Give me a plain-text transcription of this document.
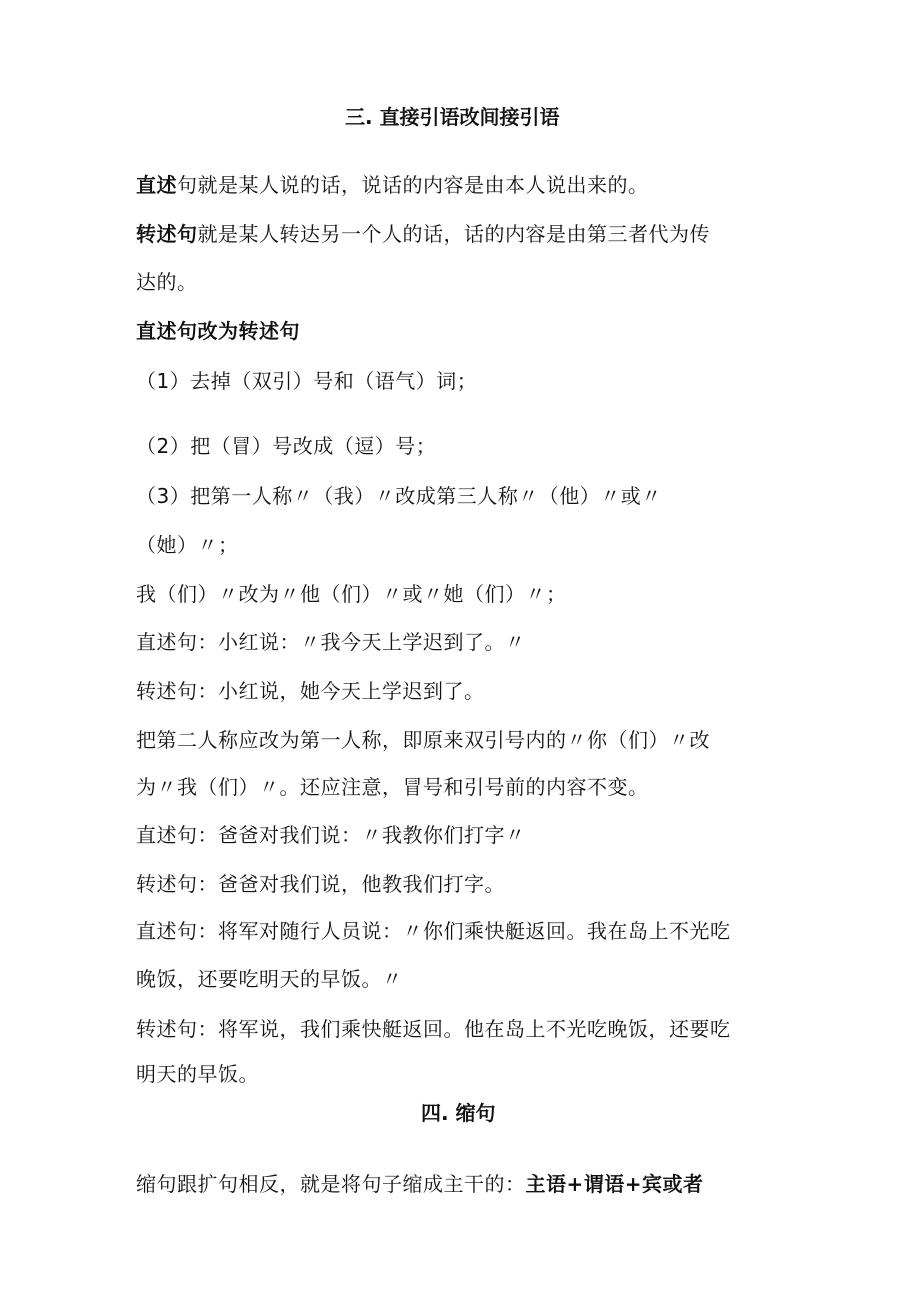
三. 直接引语改间接引语
直述句就是某人说的话，说话的内容是由本人说出来的。
转述句就是某人转达另一个人的话，话的内容是由第三者代为传
达的。
直述句改为转述句
（1）去掉（双引）号和（语气）词；
（2）把（冒）号改成（逗）号；
（3）把第一人称〃（我）〃改成第三人称〃（他）〃或〃
（她）〃；
我（们）〃改为〃他（们）〃或〃她（们）〃；
直述句：小红说：〃我今天上学迟到了。〃
转述句：小红说，她今天上学迟到了。
把第二人称应改为第一人称，即原来双引号内的〃你（们）〃改
为〃我（们）〃。还应注意，冒号和引号前的内容不变。
直述句：爸爸对我们说：〃我教你们打字〃
转述句：爸爸对我们说，他教我们打字。
直述句：将军对随行人员说：〃你们乘快艇返回。我在岛上不光吃
晚饭，还要吃明天的早饭。〃
转述句：将军说，我们乘快艇返回。他在岛上不光吃晚饭，还要吃
明天的早饭。
四. 缩句
缩句跟扩句相反，就是将句子缩成主干的：主语+谓语+宾或者
